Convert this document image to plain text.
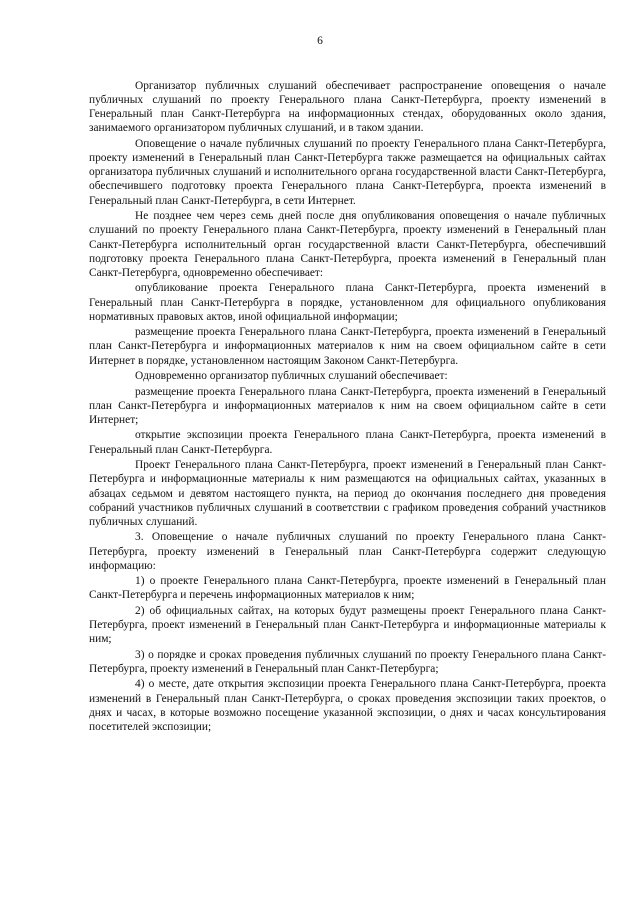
6

Организатор публичных слушаний обеспечивает распространение оповещения о начале публичных слушаний по проекту Генерального плана Санкт-Петербурга, проекту изменений в Генеральный план Санкт-Петербурга на информационных стендах, оборудованных около здания, занимаемого организатором публичных слушаний, и в таком здании.

Оповещение о начале публичных слушаний по проекту Генерального плана Санкт-Петербурга, проекту изменений в Генеральный план Санкт-Петербурга также размещается на официальных сайтах организатора публичных слушаний и исполнительного органа государственной власти Санкт-Петербурга, обеспечившего подготовку проекта Генерального плана Санкт-Петербурга, проекта изменений в Генеральный план Санкт-Петербурга, в сети Интернет.

Не позднее чем через семь дней после дня опубликования оповещения о начале публичных слушаний по проекту Генерального плана Санкт-Петербурга, проекту изменений в Генеральный план Санкт-Петербурга исполнительный орган государственной власти Санкт-Петербурга, обеспечивший подготовку проекта Генерального плана Санкт-Петербурга, проекта изменений в Генеральный план Санкт-Петербурга, одновременно обеспечивает:

опубликование проекта Генерального плана Санкт-Петербурга, проекта изменений в Генеральный план Санкт-Петербурга в порядке, установленном для официального опубликования нормативных правовых актов, иной официальной информации;

размещение проекта Генерального плана Санкт-Петербурга, проекта изменений в Генеральный план Санкт-Петербурга и информационных материалов к ним на своем официальном сайте в сети Интернет в порядке, установленном настоящим Законом Санкт-Петербурга.

Одновременно организатор публичных слушаний обеспечивает:

размещение проекта Генерального плана Санкт-Петербурга, проекта изменений в Генеральный план Санкт-Петербурга и информационных материалов к ним на своем официальном сайте в сети Интернет;

открытие экспозиции проекта Генерального плана Санкт-Петербурга, проекта изменений в Генеральный план Санкт-Петербурга.

Проект Генерального плана Санкт-Петербурга, проект изменений в Генеральный план Санкт-Петербурга и информационные материалы к ним размещаются на официальных сайтах, указанных в абзацах седьмом и девятом настоящего пункта, на период до окончания последнего дня проведения собраний участников публичных слушаний в соответствии с графиком проведения собраний участников публичных слушаний.

3. Оповещение о начале публичных слушаний по проекту Генерального плана Санкт-Петербурга, проекту изменений в Генеральный план Санкт-Петербурга содержит следующую информацию:

1) о проекте Генерального плана Санкт-Петербурга, проекте изменений в Генеральный план Санкт-Петербурга и перечень информационных материалов к ним;

2) об официальных сайтах, на которых будут размещены проект Генерального плана Санкт-Петербурга, проект изменений в Генеральный план Санкт-Петербурга и информационные материалы к ним;

3) о порядке и сроках проведения публичных слушаний по проекту Генерального плана Санкт-Петербурга, проекту изменений в Генеральный план Санкт-Петербурга;

4) о месте, дате открытия экспозиции проекта Генерального плана Санкт-Петербурга, проекта изменений в Генеральный план Санкт-Петербурга, о сроках проведения экспозиции таких проектов, о днях и часах, в которые возможно посещение указанной экспозиции, о днях и часах консультирования посетителей экспозиции;
